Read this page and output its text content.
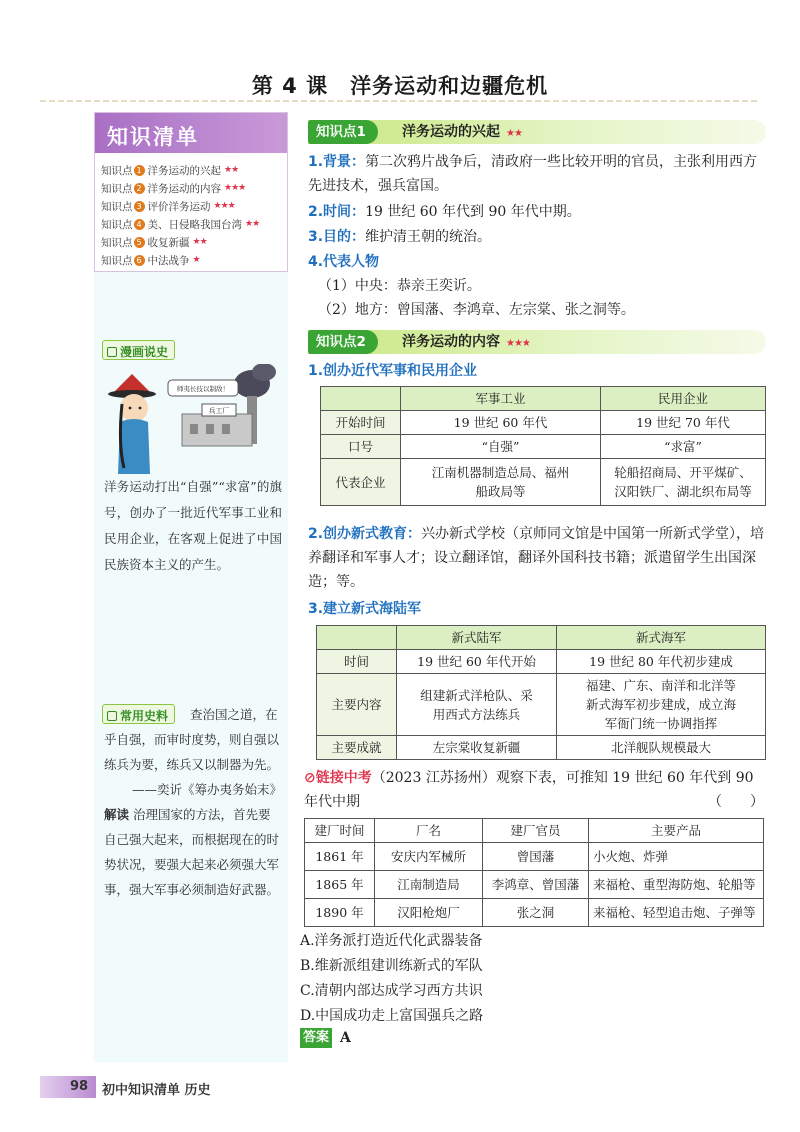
第 4 课　洋务运动和边疆危机
知识清单
知识点 1 洋务运动的兴起 ★★
知识点 2 洋务运动的内容 ★★★
知识点 3 评价洋务运动 ★★★
知识点 4 美、日侵略我国台湾 ★★
知识点 5 收复新疆 ★★
知识点 6 中法战争 ★
漫画说史
兵工厂
师夷长技以制敌！
洋务运动打出“自强”“求富”的旗号，创办了一批近代军事工业和民用企业，在客观上促进了中国民族资本主义的产生。
查治国之道，在乎自强，而审时度势，则自强以练兵为要，练兵又以制器为先。
——奕䜣《筹办夷务始末》
解读 治理国家的方法，首先要自己强大起来，而根据现在的时势状况，要强大起来必须强大军事，强大军事必须制造好武器。
常用史料
知识点1	洋务运动的兴起 ★★
1.背景：第二次鸦片战争后，清政府一些比较开明的官员，主张利用西方先进技术，强兵富国。
2.时间：19 世纪 60 年代到 90 年代中期。
3.目的：维护清王朝的统治。
4.代表人物
（1）中央：恭亲王奕䜣。
（2）地方：曾国藩、李鸿章、左宗棠、张之洞等。
知识点2	洋务运动的内容 ★★★
1.创办近代军事和民用企业
	军事工业	民用企业
开始时间	19 世纪 60 年代	19 世纪 70 年代
口号	“自强”	“求富”
代表企业	江南机器制造总局、福州船政局等	轮船招商局、开平煤矿、汉阳铁厂、湖北织布局等
2.创办新式教育：兴办新式学校（京师同文馆是中国第一所新式学堂），培养翻译和军事人才；设立翻译馆，翻译外国科技书籍；派遣留学生出国深造；等。
3.建立新式海陆军
	新式陆军	新式海军
时间	19 世纪 60 年代开始	19 世纪 80 年代初步建成
主要内容	组建新式洋枪队、采用西式方法练兵	福建、广东、南洋和北洋等新式海军初步建成，成立海军衙门统一协调指挥
主要成就	左宗棠收复新疆	北洋舰队规模最大
⊘链接中考（2023 江苏扬州）观察下表，可推知 19 世纪 60 年代到 90 年代中期	（　　）
建厂时间	厂名	建厂官员	主要产品
1861 年	安庆内军械所	曾国藩	小火炮、炸弹
1865 年	江南制造局	李鸿章、曾国藩	来福枪、重型海防炮、轮船等
1890 年	汉阳枪炮厂	张之洞	来福枪、轻型追击炮、子弹等
A.洋务派打造近代化武器装备
B.维新派组建训练新式的军队
C.清朝内部达成学习西方共识
D.中国成功走上富国强兵之路
答案 A
98 初中知识清单 历史
